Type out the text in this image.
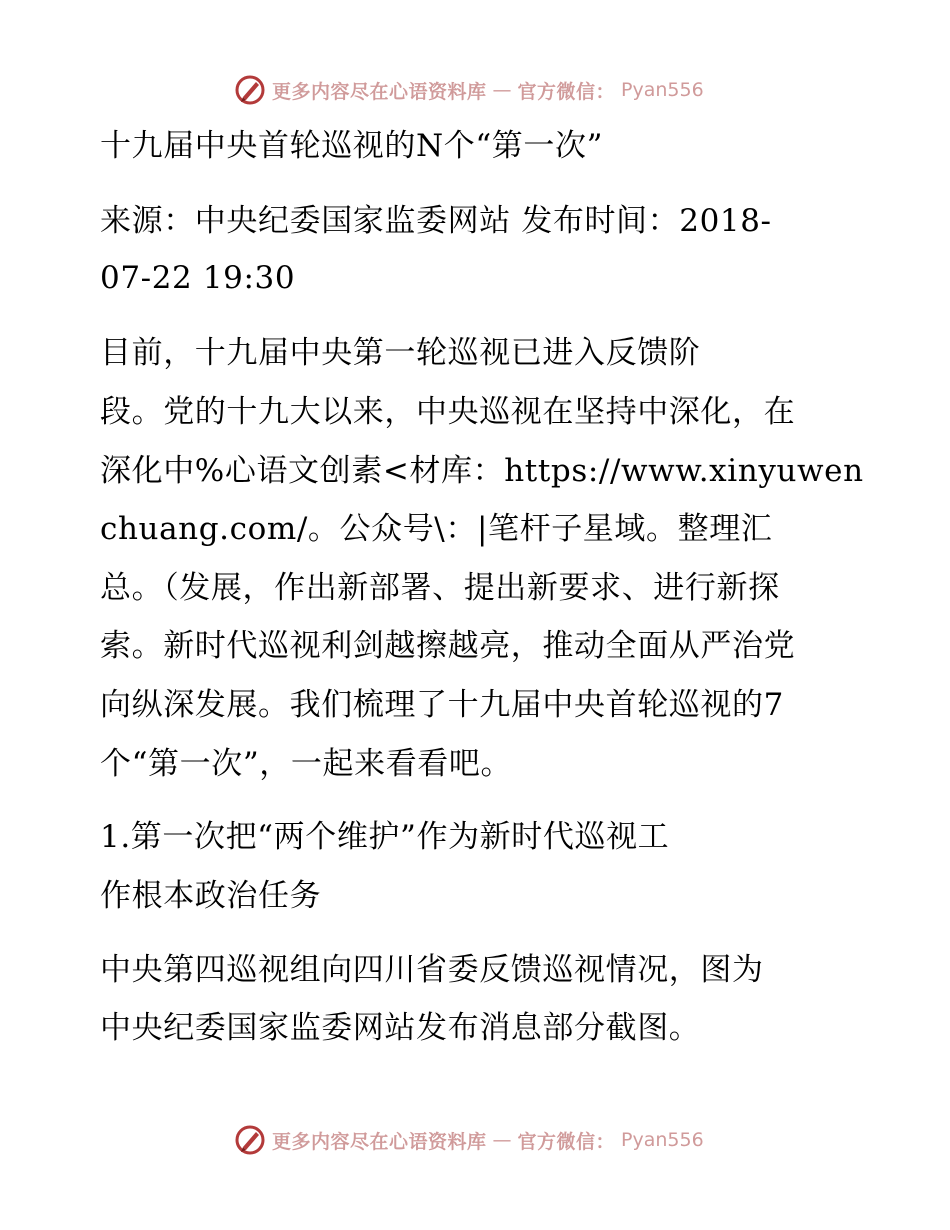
更多内容尽在心语资料库 — 官方微信： Pyan556
十九届中央首轮巡视的N个“第一次”
来源：中央纪委国家监委网站 发布时间：2018-
07-22 19:30
目前，十九届中央第一轮巡视已进入反馈阶
段。党的十九大以来，中央巡视在坚持中深化，在
深化中%心语文创素<材库：https://www.xinyuwen
chuang.com/。公众号\：|笔杆子星域。整理汇
总。（发展，作出新部署、提出新要求、进行新探
索。新时代巡视利剑越擦越亮，推动全面从严治党
向纵深发展。我们梳理了十九届中央首轮巡视的7
个“第一次”，一起来看看吧。
1.第一次把“两个维护”作为新时代巡视工
作根本政治任务
中央第四巡视组向四川省委反馈巡视情况，图为
中央纪委国家监委网站发布消息部分截图。
更多内容尽在心语资料库 — 官方微信： Pyan556
